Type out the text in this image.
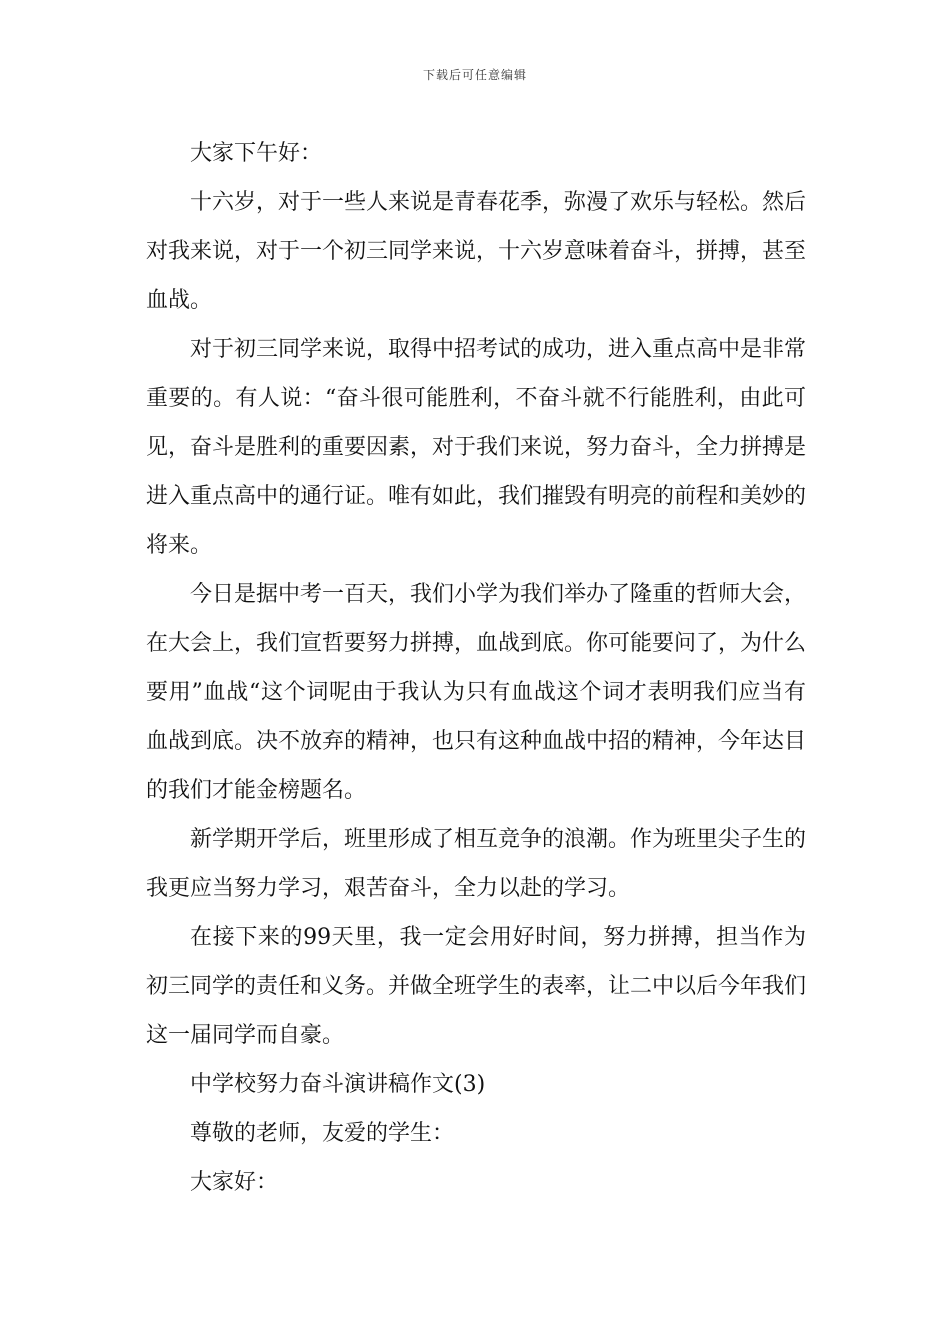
下载后可任意编辑

大家下午好：

十六岁，对于一些人来说是青春花季，弥漫了欢乐与轻松。然后对我来说，对于一个初三同学来说，十六岁意味着奋斗，拼搏，甚至血战。

对于初三同学来说，取得中招考试的成功，进入重点高中是非常重要的。有人说：“奋斗很可能胜利，不奋斗就不行能胜利，由此可见，奋斗是胜利的重要因素，对于我们来说，努力奋斗，全力拼搏是进入重点高中的通行证。唯有如此，我们摧毁有明亮的前程和美妙的将来。

今日是据中考一百天，我们小学为我们举办了隆重的哲师大会，在大会上，我们宣哲要努力拼搏，血战到底。你可能要问了，为什么要用”血战“这个词呢由于我认为只有血战这个词才表明我们应当有血战到底。决不放弃的精神，也只有这种血战中招的精神，今年达目的我们才能金榜题名。

新学期开学后，班里形成了相互竞争的浪潮。作为班里尖子生的我更应当努力学习，艰苦奋斗，全力以赴的学习。

在接下来的99天里，我一定会用好时间，努力拼搏，担当作为初三同学的责任和义务。并做全班学生的表率，让二中以后今年我们这一届同学而自豪。

中学校努力奋斗演讲稿作文(3)

尊敬的老师，友爱的学生：

大家好：
